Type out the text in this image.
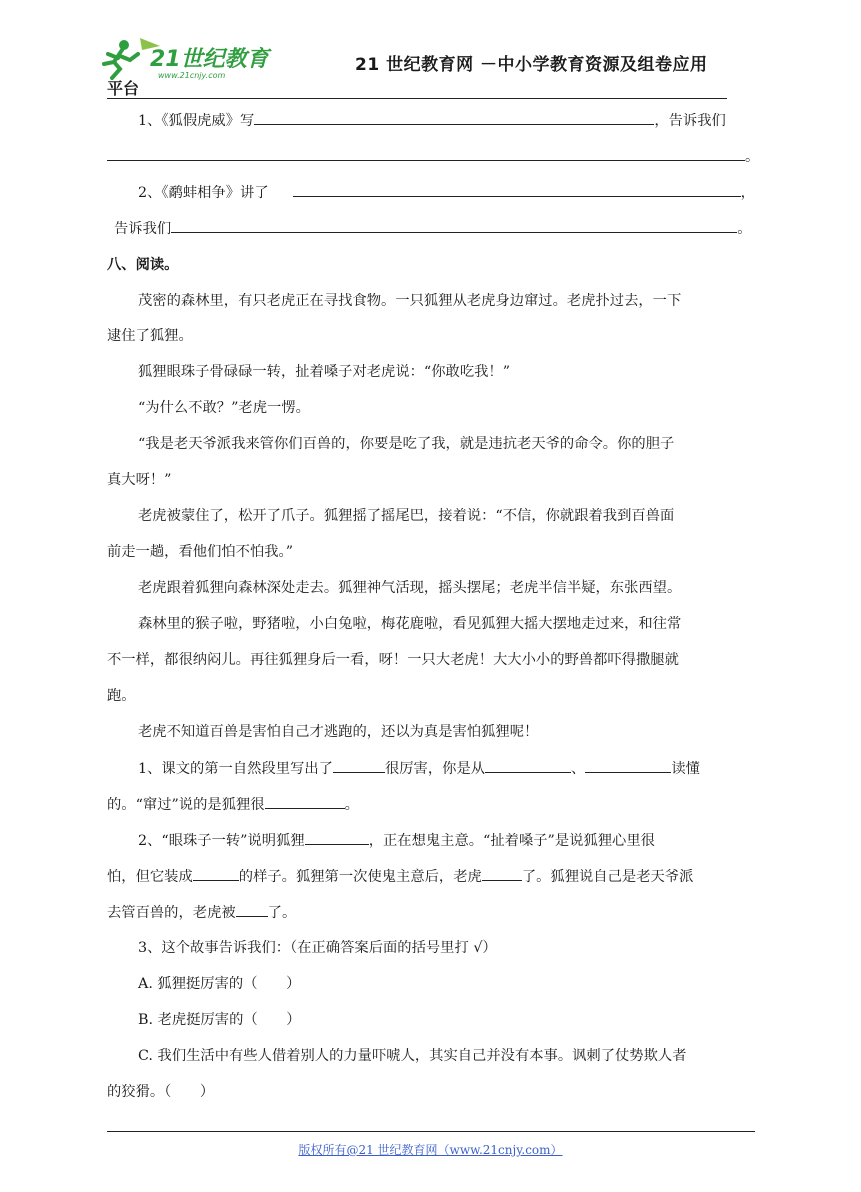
21世纪教育
www.21cnjy.com
21 世纪教育网 －中小学教育资源及组卷应用
平台
1、《狐假虎威》写	，告诉我们
。
2、《鹬蚌相争》讲了	，
告诉我们	。
八、阅读。
茂密的森林里，有只老虎正在寻找食物。一只狐狸从老虎身边窜过。老虎扑过去，一下
逮住了狐狸。
狐狸眼珠子骨碌碌一转，扯着嗓子对老虎说：“你敢吃我！”
“为什么不敢？”老虎一愣。
“我是老天爷派我来管你们百兽的，你要是吃了我，就是违抗老天爷的命令。你的胆子
真大呀！”
老虎被蒙住了，松开了爪子。狐狸摇了摇尾巴，接着说：“不信，你就跟着我到百兽面
前走一趟，看他们怕不怕我。”
老虎跟着狐狸向森林深处走去。狐狸神气活现，摇头摆尾；老虎半信半疑，东张西望。
森林里的猴子啦，野猪啦，小白兔啦，梅花鹿啦，看见狐狸大摇大摆地走过来，和往常
不一样，都很纳闷儿。再往狐狸身后一看，呀！一只大老虎！大大小小的野兽都吓得撒腿就
跑。
老虎不知道百兽是害怕自己才逃跑的，还以为真是害怕狐狸呢！
1、课文的第一自然段里写出了	很厉害，你是从	、	读懂
的。“窜过”说的是狐狸很	。
2、“眼珠子一转”说明狐狸	，正在想鬼主意。“扯着嗓子”是说狐狸心里很
怕，但它装成	的样子。狐狸第一次使鬼主意后，老虎	了。狐狸说自己是老天爷派
去管百兽的，老虎被 了。
3、这个故事告诉我们：（在正确答案后面的括号里打 √）
A. 狐狸挺厉害的（　　）
B. 老虎挺厉害的（　　）
C. 我们生活中有些人借着别人的力量吓唬人，其实自己并没有本事。讽刺了仗势欺人者
的狡猾。（　　）
版权所有@21 世纪教育网（www.21cnjy.com）
